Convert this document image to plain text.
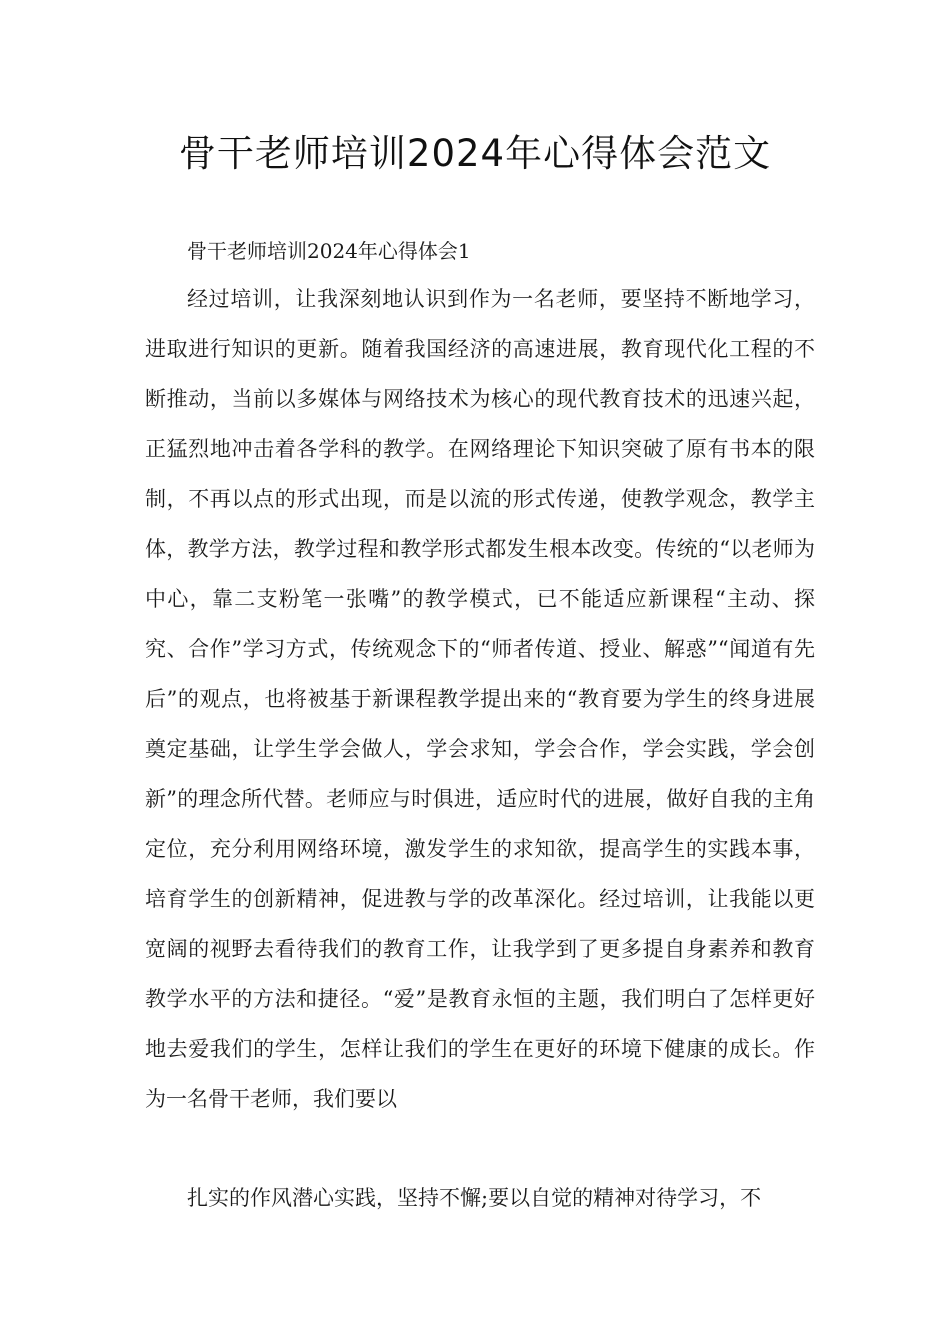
骨干老师培训2024年心得体会范文

骨干老师培训2024年心得体会1

经过培训，让我深刻地认识到作为一名老师，要坚持不断地学习，进取进行知识的更新。随着我国经济的高速进展，教育现代化工程的不断推动，当前以多媒体与网络技术为核心的现代教育技术的迅速兴起，正猛烈地冲击着各学科的教学。在网络理论下知识突破了原有书本的限制，不再以点的形式出现，而是以流的形式传递，使教学观念，教学主体，教学方法，教学过程和教学形式都发生根本改变。传统的“以老师为中心，靠二支粉笔一张嘴”的教学模式，已不能适应新课程“主动、探究、合作”学习方式，传统观念下的“师者传道、授业、解惑”“闻道有先后”的观点，也将被基于新课程教学提出来的“教育要为学生的终身进展奠定基础，让学生学会做人，学会求知，学会合作，学会实践，学会创新”的理念所代替。老师应与时俱进，适应时代的进展，做好自我的主角定位，充分利用网络环境，激发学生的求知欲，提高学生的实践本事，培育学生的创新精神，促进教与学的改革深化。经过培训，让我能以更宽阔的视野去看待我们的教育工作，让我学到了更多提自身素养和教育教学水平的方法和捷径。“爱”是教育永恒的主题，我们明白了怎样更好地去爱我们的学生，怎样让我们的学生在更好的环境下健康的成长。作为一名骨干老师，我们要以

扎实的作风潜心实践，坚持不懈;要以自觉的精神对待学习，不
